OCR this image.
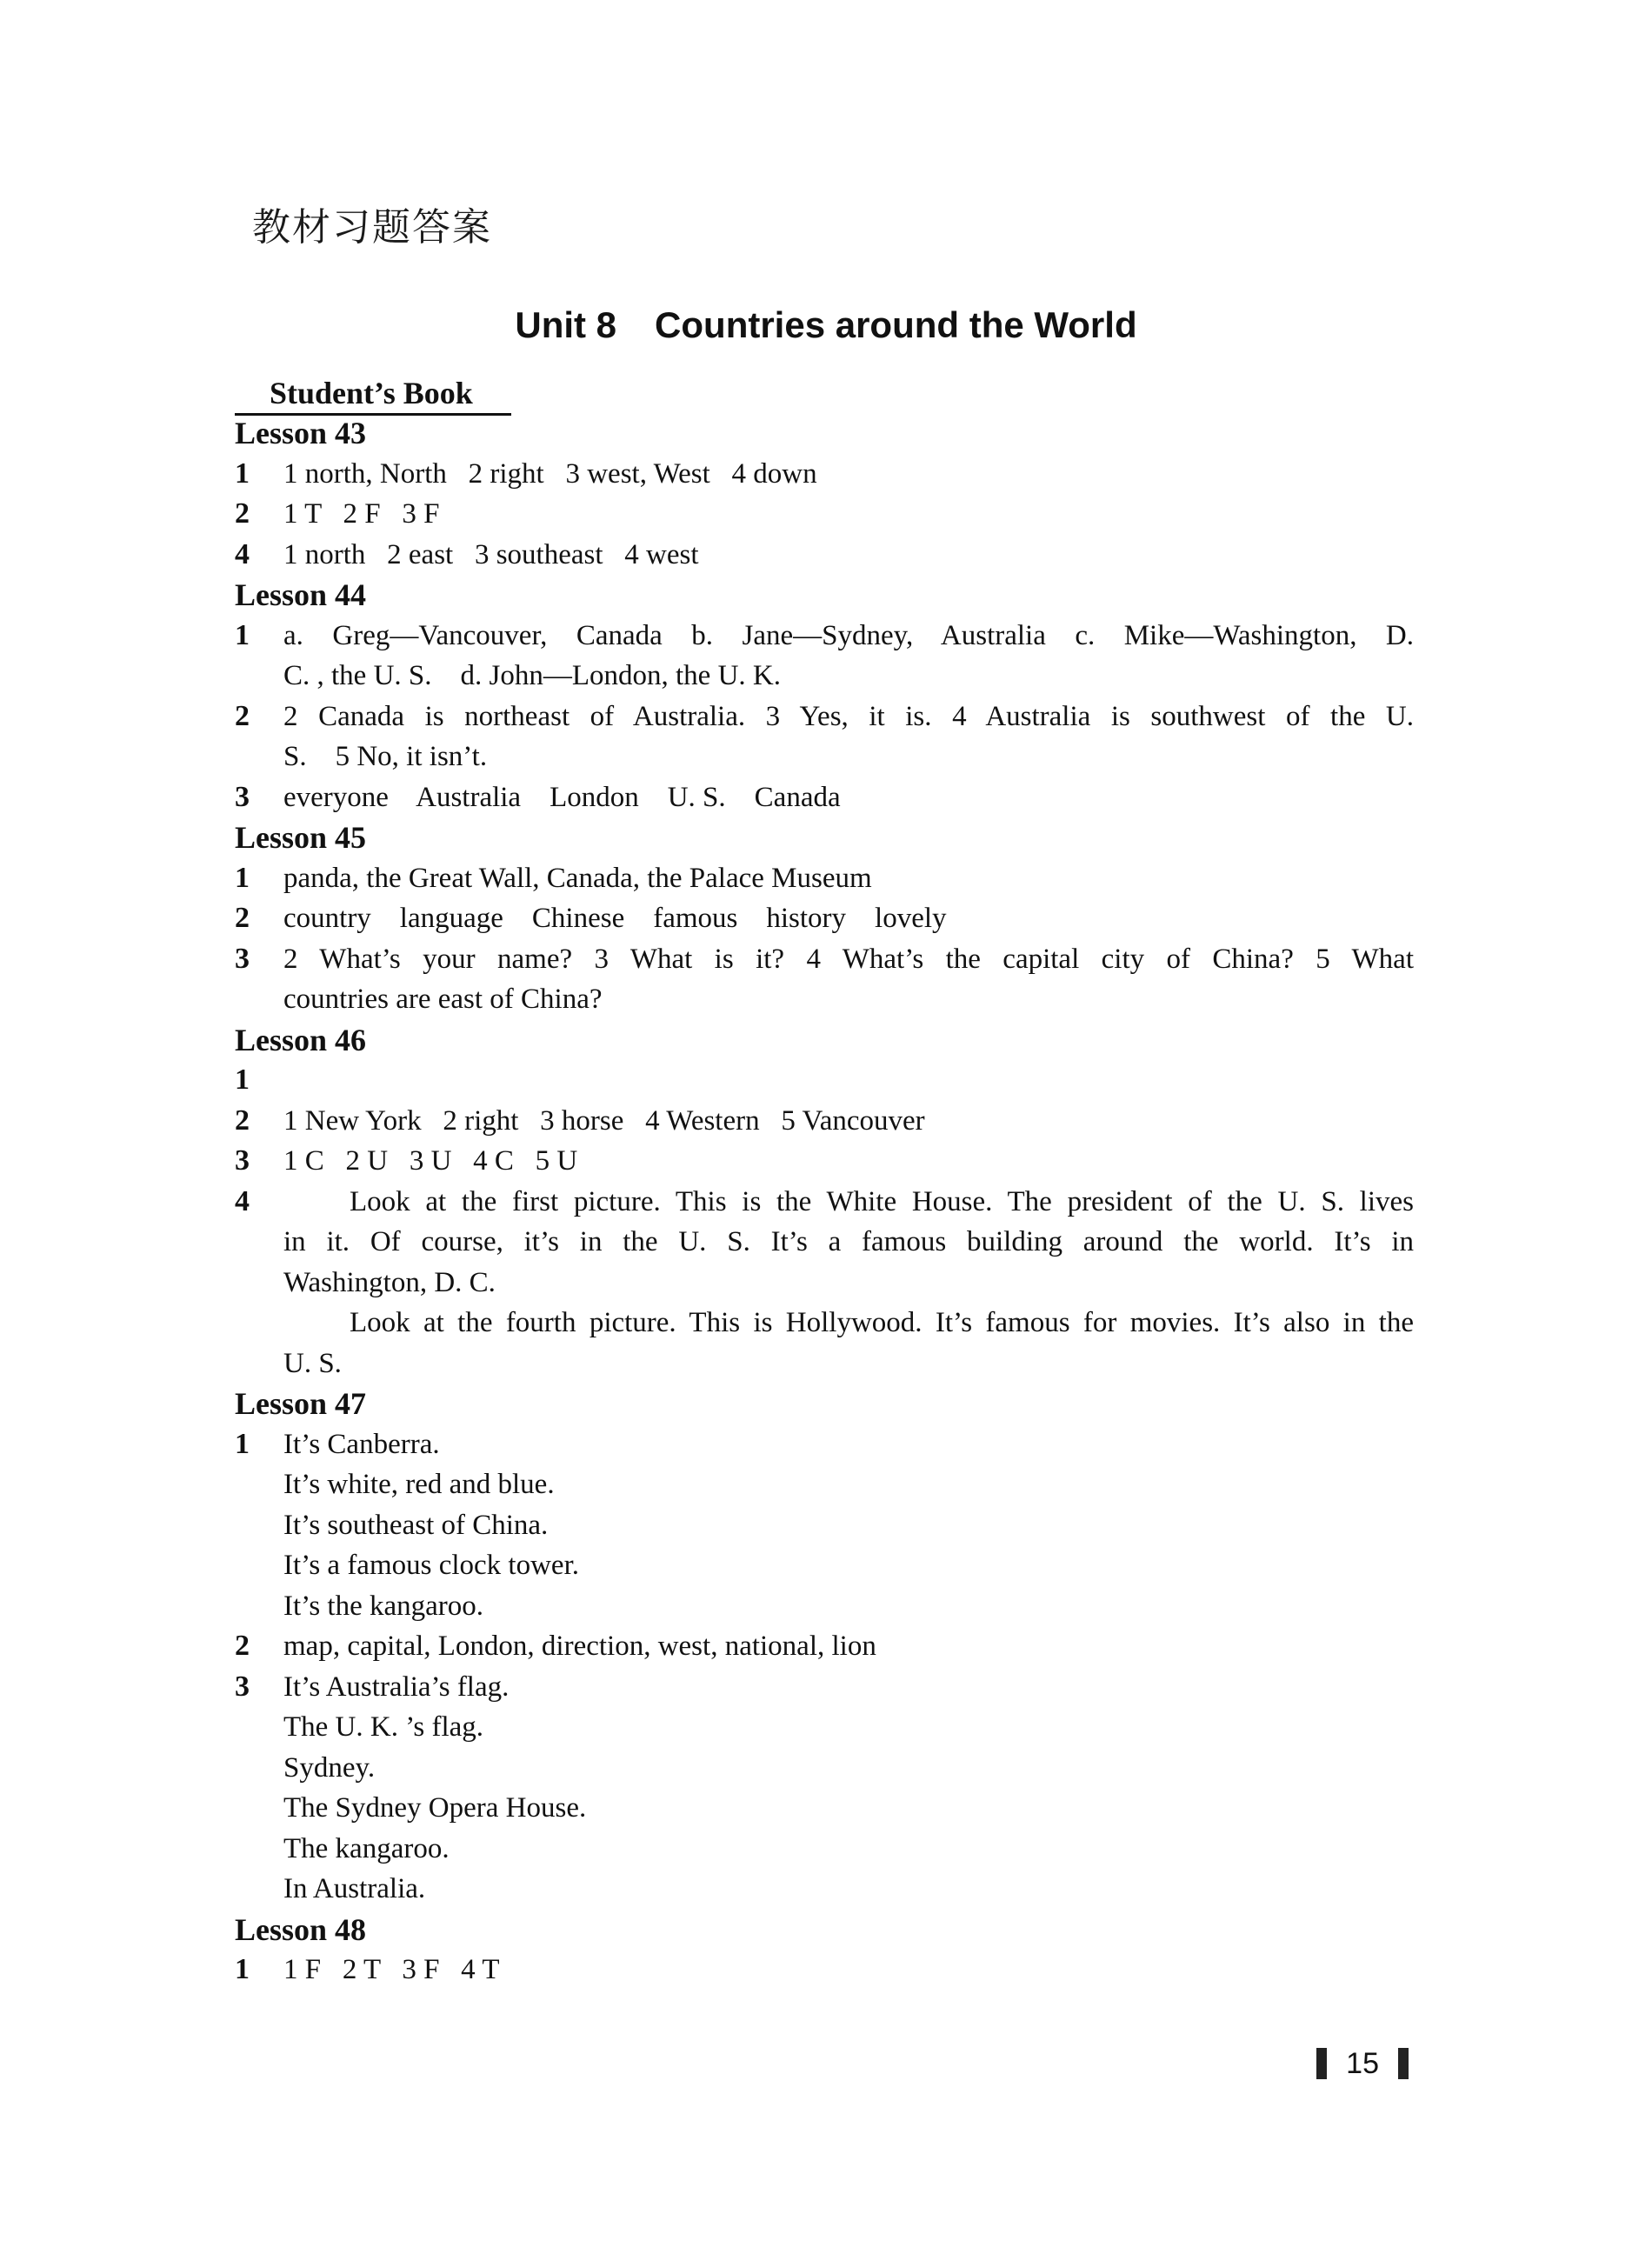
教材习题答案
Unit 8 Countries around the World
Student’s Book
Lesson 43
1	1 north, North   2 right   3 west, West   4 down
2	1 T   2 F   3 F
4	1 north   2 east   3 southeast   4 west
Lesson 44
1	a. Greg—Vancouver, Canada b. Jane—Sydney, Australia c. Mike—Washington, D.
C. , the U. S.    d. John—London, the U. K.
2	2 Canada is northeast of Australia. 3 Yes, it is. 4 Australia is southwest of the U.
S.    5 No, it isn’t.
3	everyone    Australia    London    U. S.    Canada
Lesson 45
1	panda, the Great Wall, Canada, the Palace Museum
2	country    language    Chinese    famous    history    lovely
3	2 What’s your name? 3 What is it? 4 What’s the capital city of China? 5 What
countries are east of China?
Lesson 46
1
2	1 New York   2 right   3 horse   4 Western   5 Vancouver
3	1 C   2 U   3 U   4 C   5 U
4	Look at the first picture. This is the White House. The president of the U. S. lives
in it. Of course, it’s in the U. S. It’s a famous building around the world. It’s in
Washington, D. C.
Look at the fourth picture. This is Hollywood. It’s famous for movies. It’s also in the
U. S.
Lesson 47
1	It’s Canberra.
It’s white, red and blue.
It’s southeast of China.
It’s a famous clock tower.
It’s the kangaroo.
2	map, capital, London, direction, west, national, lion
3	It’s Australia’s flag.
The U. K. ’s flag.
Sydney.
The Sydney Opera House.
The kangaroo.
In Australia.
Lesson 48
1	1 F   2 T   3 F   4 T
15
